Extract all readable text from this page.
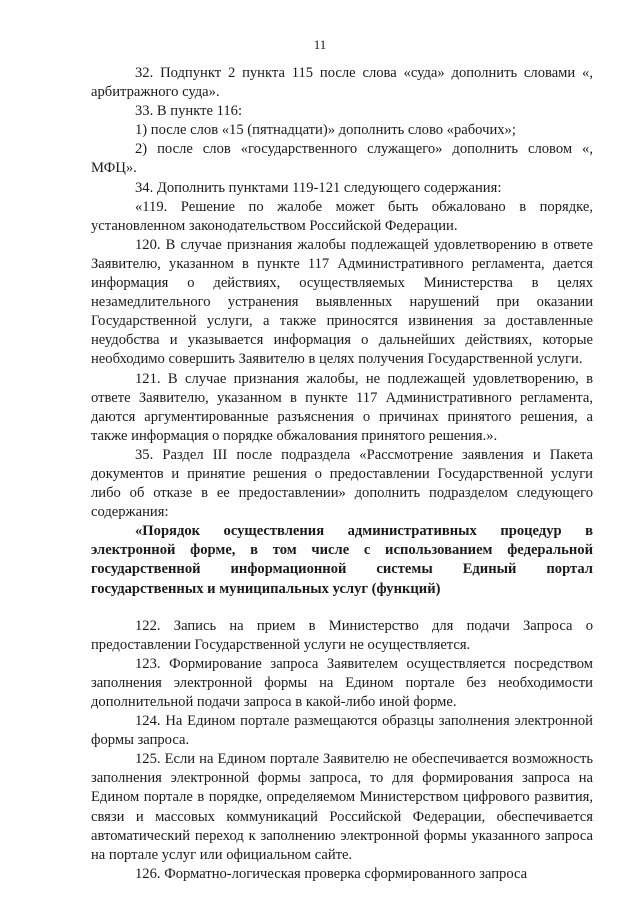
11

32. Подпункт 2 пункта 115 после слова «суда» дополнить словами «, арбитражного суда».

33. В пункте 116:

1) после слов «15 (пятнадцати)» дополнить слово «рабочих»;

2) после слов «государственного служащего» дополнить словом «, МФЦ».

34. Дополнить пунктами 119-121 следующего содержания:

«119. Решение по жалобе может быть обжаловано в порядке, установленном законодательством Российской Федерации.

120. В случае признания жалобы подлежащей удовлетворению в ответе Заявителю, указанном в пункте 117 Административного регламента, дается информация о действиях, осуществляемых Министерства в целях незамедлительного устранения выявленных нарушений при оказании Государственной услуги, а также приносятся извинения за доставленные неудобства и указывается информация о дальнейших действиях, которые необходимо совершить Заявителю в целях получения Государственной услуги.

121. В случае признания жалобы, не подлежащей удовлетворению, в ответе Заявителю, указанном в пункте 117 Административного регламента, даются аргументированные разъяснения о причинах принятого решения, а также информация о порядке обжалования принятого решения.».

35. Раздел III после подраздела «Рассмотрение заявления и Пакета документов и принятие решения о предоставлении Государственной услуги либо об отказе в ее предоставлении» дополнить подразделом следующего содержания:

«Порядок осуществления административных процедур в электронной форме, в том числе с использованием федеральной государственной информационной системы Единый портал государственных и муниципальных услуг (функций)

122. Запись на прием в Министерство для подачи Запроса о предоставлении Государственной услуги не осуществляется.

123. Формирование запроса Заявителем осуществляется посредством заполнения электронной формы на Едином портале без необходимости дополнительной подачи запроса в какой-либо иной форме.

124. На Едином портале размещаются образцы заполнения электронной формы запроса.

125. Если на Едином портале Заявителю не обеспечивается возможность заполнения электронной формы запроса, то для формирования запроса на Едином портале в порядке, определяемом Министерством цифрового развития, связи и массовых коммуникаций Российской Федерации, обеспечивается автоматический переход к заполнению электронной формы указанного запроса на портале услуг или официальном сайте.

126. Форматно-логическая проверка сформированного запроса
